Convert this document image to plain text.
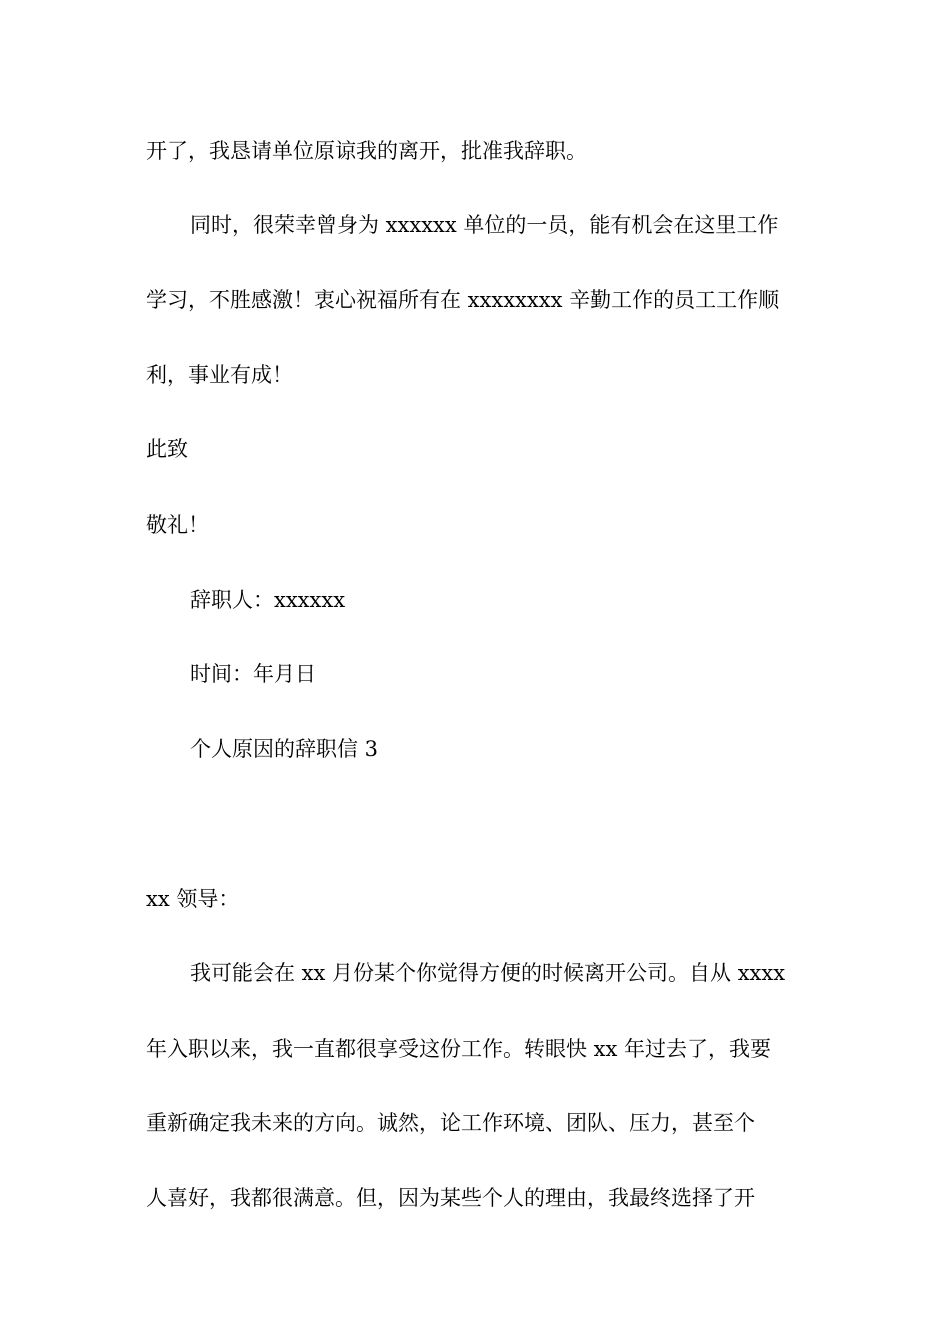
开了，我恳请单位原谅我的离开，批准我辞职。
同时，很荣幸曾身为 xxxxxx 单位的一员，能有机会在这里工作
学习，不胜感激！衷心祝福所有在 xxxxxxxx 辛勤工作的员工工作顺
利，事业有成！
此致
敬礼！
辞职人：xxxxxx
时间：年月日
个人原因的辞职信 3
xx 领导：
我可能会在 xx 月份某个你觉得方便的时候离开公司。自从 xxxx
年入职以来，我一直都很享受这份工作。转眼快 xx 年过去了，我要
重新确定我未来的方向。诚然，论工作环境、团队、压力，甚至个
人喜好，我都很满意。但，因为某些个人的理由，我最终选择了开
